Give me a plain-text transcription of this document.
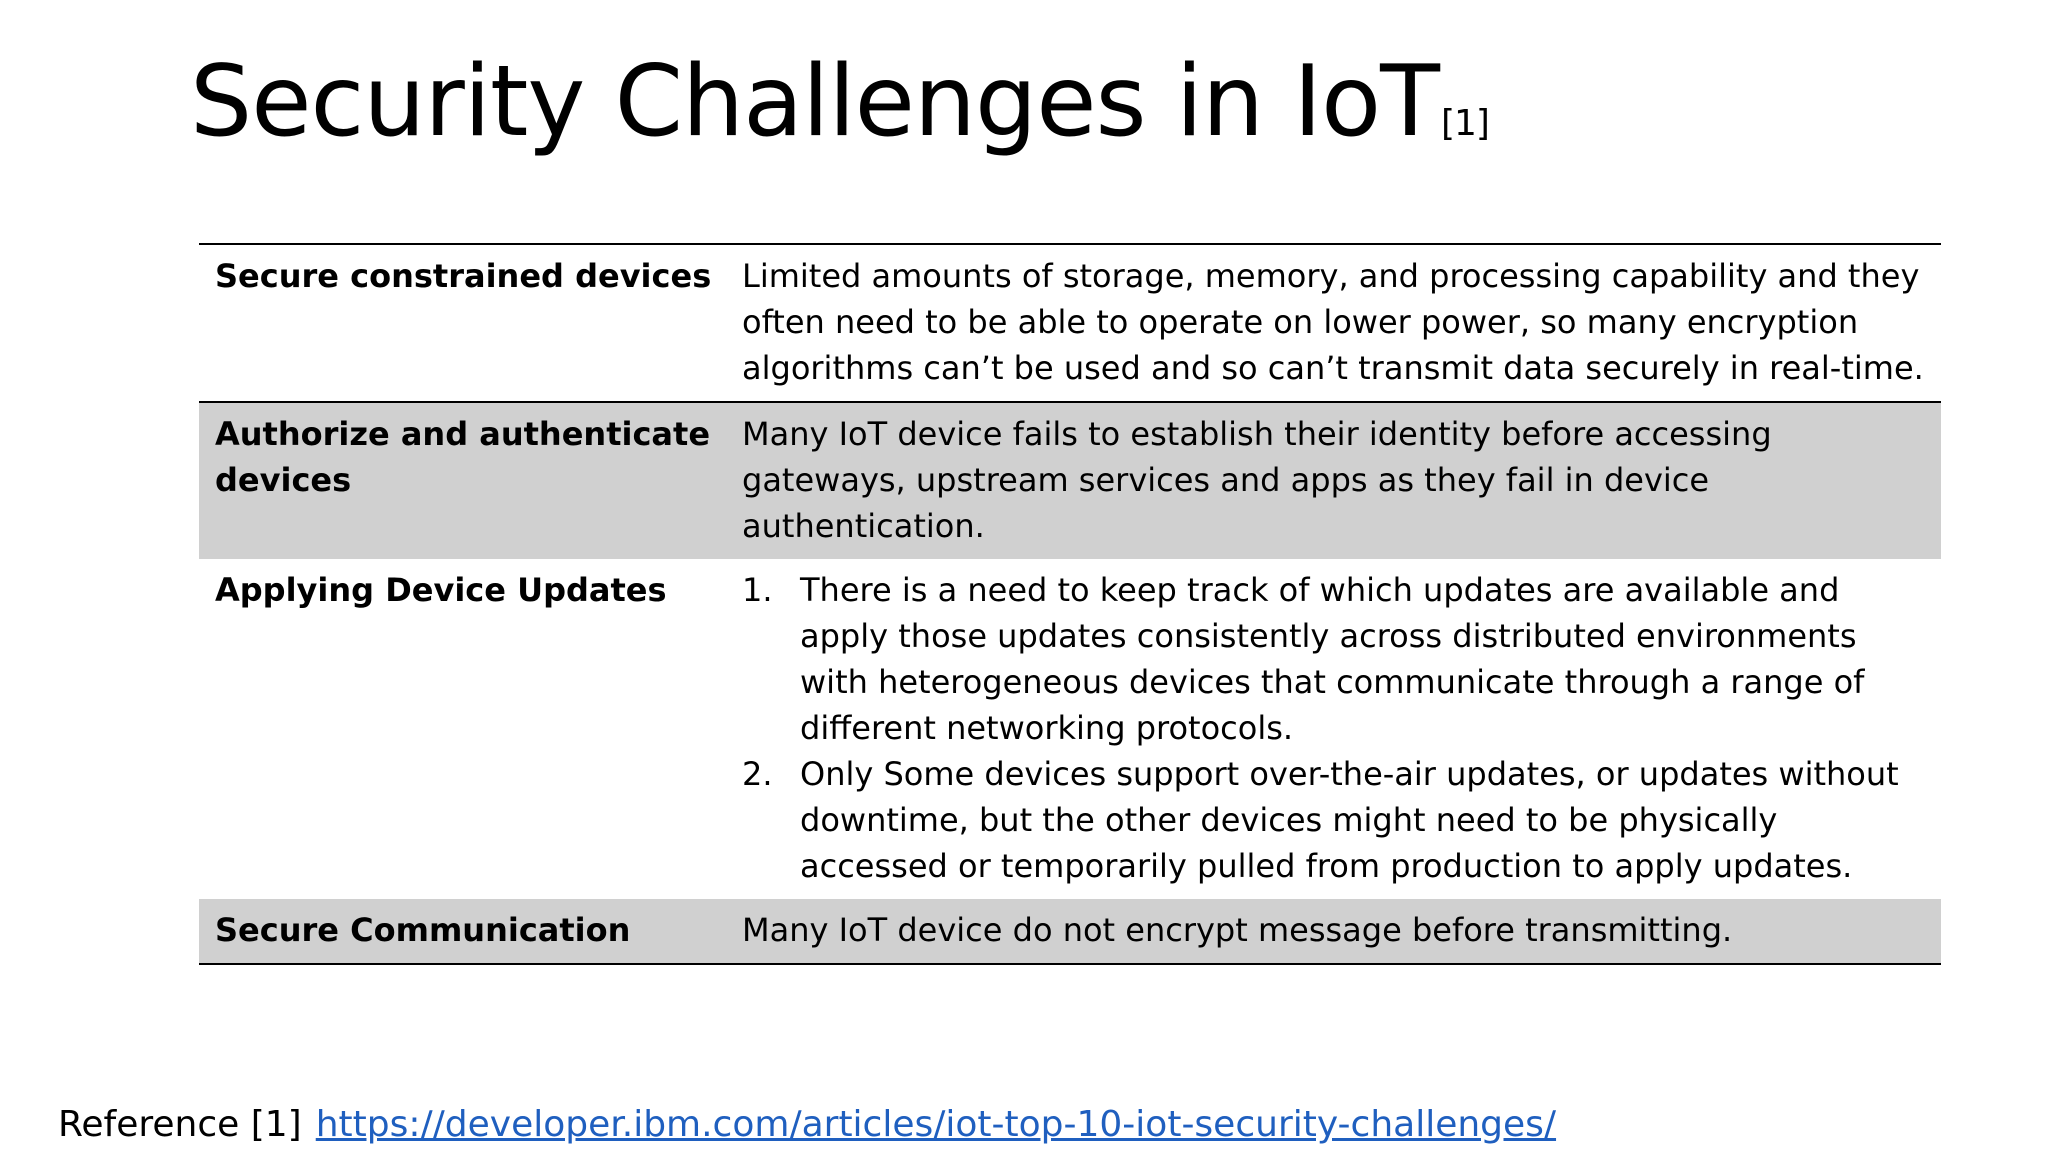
Security Challenges in IoT[1]
Secure constrained devices Limited amounts of storage, memory, and processing capability and they often need to be able to operate on lower power, so many encryption algorithms can’t be used and so can’t transmit data securely in real-time.
Authorize and authenticate devices
Many IoT device fails to establish their identity before accessing gateways, upstream services and apps as they fail in device authentication.
Applying Device Updates	1. There is a need to keep track of which updates are available and apply those updates consistently across distributed environments with heterogeneous devices that communicate through a range of different networking protocols.
2. Only Some devices support over-the-air updates, or updates without downtime, but the other devices might need to be physically accessed or temporarily pulled from production to apply updates.
Secure Communication	Many IoT device do not encrypt message before transmitting.
Reference [1] https://developer.ibm.com/articles/iot-top-10-iot-security-challenges/
